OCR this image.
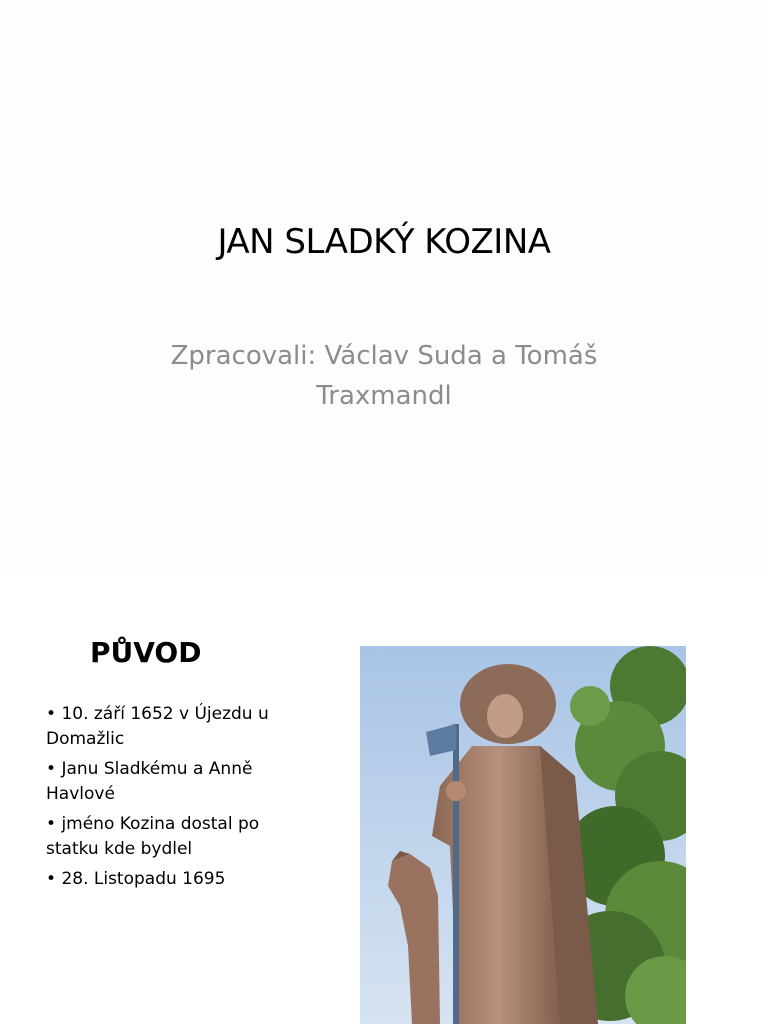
JAN SLADKÝ KOZINA
Zpracovali: Václav Suda a Tomáš
Traxmandl
PŮVOD
• 10. září 1652 v Újezdu u Domažlic
• Janu Sladkému a Anně Havlové
• jméno Kozina dostal po statku kde bydlel
• 28. Listopadu 1695
